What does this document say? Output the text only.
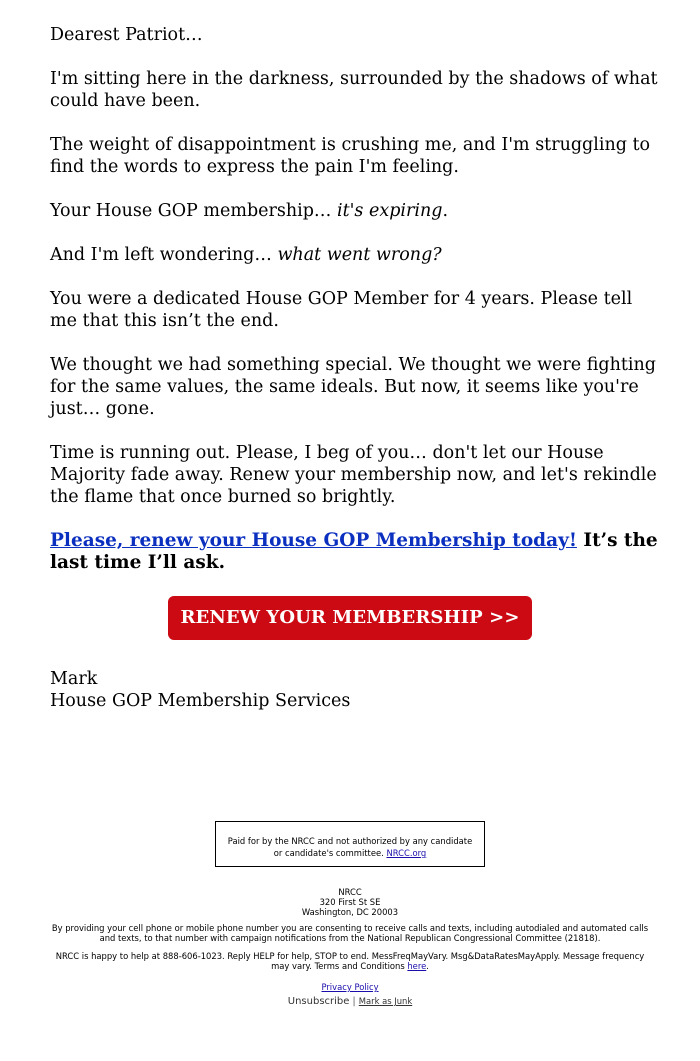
Dearest Patriot…

I'm sitting here in the darkness, surrounded by the shadows of what could have been.

The weight of disappointment is crushing me, and I'm struggling to find the words to express the pain I'm feeling.

Your House GOP membership… it's expiring.

And I'm left wondering… what went wrong?

You were a dedicated House GOP Member for 4 years. Please tell me that this isn’t the end.

We thought we had something special. We thought we were fighting for the same values, the same ideals. But now, it seems like you're just… gone.

Time is running out. Please, I beg of you… don't let our House Majority fade away. Renew your membership now, and let's rekindle the flame that once burned so brightly.

Please, renew your House GOP Membership today! It’s the last time I’ll ask.

RENEW YOUR MEMBERSHIP >>
Mark
House GOP Membership Services
Paid for by the NRCC and not authorized by any candidate or candidate's committee. NRCC.org
NRCC
320 First St SE
Washington, DC 20003
By providing your cell phone or mobile phone number you are consenting to receive calls and texts, including autodialed and automated calls and texts, to that number with campaign notifications from the National Republican Congressional Committee (21818).
NRCC is happy to help at 888-606-1023. Reply HELP for help, STOP to end. MessFreqMayVary. Msg&DataRatesMayApply. Message frequency may vary. Terms and Conditions here.
Privacy Policy
Unsubscribe | Mark as Junk
